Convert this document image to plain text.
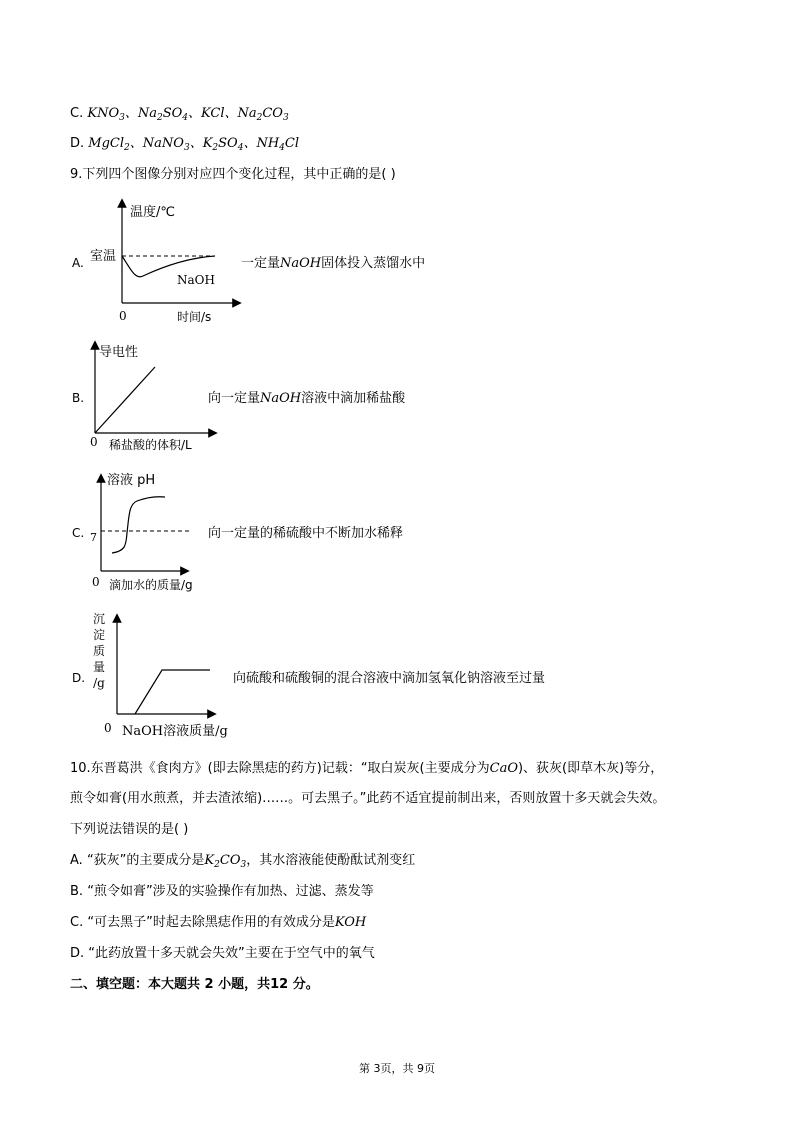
C. $KNO_3$、$Na_2SO_4$、KCl、$Na_2CO_3$
D. MgCl$_2$、NaNO$_3$、$K_2SO_4$、$NH_4Cl$
9.下列四个图像分别对应四个变化过程，其中正确的是( )
A.
温度/℃
室温
NaOH
0	时间/s
一定量NaOH固体投入蒸馏水中
B.
导电性
0 稀盐酸的体积/L
向一定量NaOH溶液中滴加稀盐酸
C.
溶液 pH
7
0 滴加水的质量/g
向一定量的稀硫酸中不断加水稀释
D.
沉
淀
质
量
/g
0 NaOH溶液质量/g
向硫酸和硫酸铜的混合溶液中滴加氢氧化钠溶液至过量
10.东晋葛洪《食肉方》(即去除黑痣的药方)记载：“取白炭灰(主要成分为CaO)、荻灰(即草木灰)等分，
煎令如膏(用水煎煮，并去渣浓缩)……。可去黑子。”此药不适宜提前制出来，否则放置十多天就会失效。
下列说法错误的是( )
A. “荻灰”的主要成分是$K_2CO_3$，其水溶液能使酚酞试剂变红
B. “煎令如膏”涉及的实验操作有加热、过滤、蒸发等
C. “可去黑子”时起去除黑痣作用的有效成分是KOH
D. “此药放置十多天就会失效”主要在于空气中的氧气
二、填空题：本大题共 2 小题，共12 分。
第 3页，共 9页
